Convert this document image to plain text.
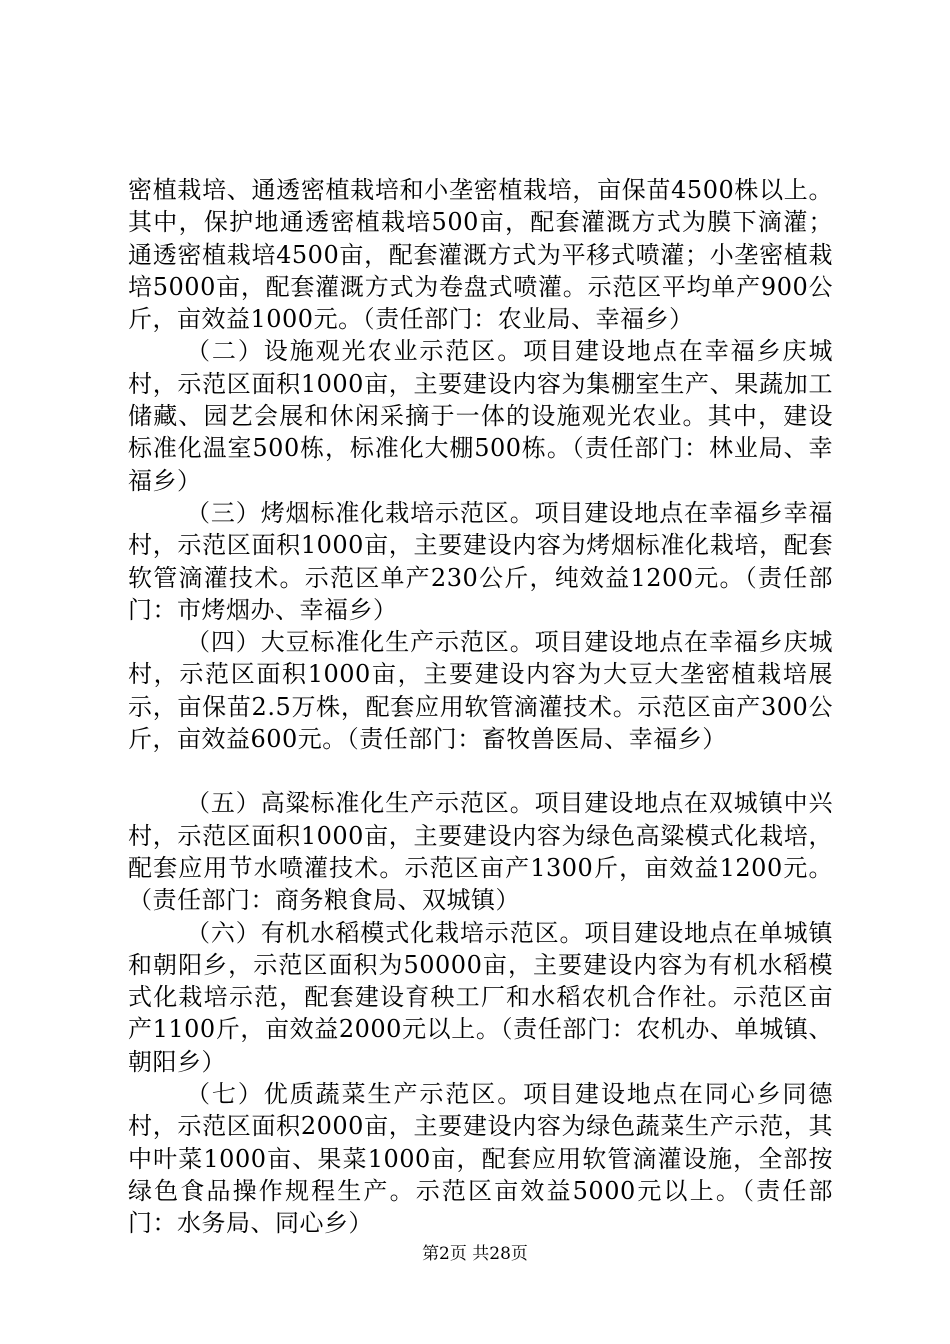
密植栽培、通透密植栽培和小垄密植栽培，亩保苗4500株以上。其中，保护地通透密植栽培500亩，配套灌溉方式为膜下滴灌；通透密植栽培4500亩，配套灌溉方式为平移式喷灌；小垄密植栽培5000亩，配套灌溉方式为卷盘式喷灌。示范区平均单产900公斤，亩效益1000元。（责任部门：农业局、幸福乡）

（二）设施观光农业示范区。项目建设地点在幸福乡庆城村，示范区面积1000亩，主要建设内容为集棚室生产、果蔬加工储藏、园艺会展和休闲采摘于一体的设施观光农业。其中，建设标准化温室500栋，标准化大棚500栋。（责任部门：林业局、幸福乡）

（三）烤烟标准化栽培示范区。项目建设地点在幸福乡幸福村，示范区面积1000亩，主要建设内容为烤烟标准化栽培，配套软管滴灌技术。示范区单产230公斤，纯效益1200元。（责任部门：市烤烟办、幸福乡）

（四）大豆标准化生产示范区。项目建设地点在幸福乡庆城村，示范区面积1000亩，主要建设内容为大豆大垄密植栽培展示，亩保苗2.5万株，配套应用软管滴灌技术。示范区亩产300公斤，亩效益600元。（责任部门：畜牧兽医局、幸福乡）

（五）高粱标准化生产示范区。项目建设地点在双城镇中兴村，示范区面积1000亩，主要建设内容为绿色高粱模式化栽培，配套应用节水喷灌技术。示范区亩产1300斤，亩效益1200元。（责任部门：商务粮食局、双城镇）

（六）有机水稻模式化栽培示范区。项目建设地点在单城镇和朝阳乡，示范区面积为50000亩，主要建设内容为有机水稻模式化栽培示范，配套建设育秧工厂和水稻农机合作社。示范区亩产1100斤，亩效益2000元以上。（责任部门：农机办、单城镇、朝阳乡）

（七）优质蔬菜生产示范区。项目建设地点在同心乡同德村，示范区面积2000亩，主要建设内容为绿色蔬菜生产示范，其中叶菜1000亩、果菜1000亩，配套应用软管滴灌设施，全部按绿色食品操作规程生产。示范区亩效益5000元以上。（责任部门：水务局、同心乡）

第2页 共28页
